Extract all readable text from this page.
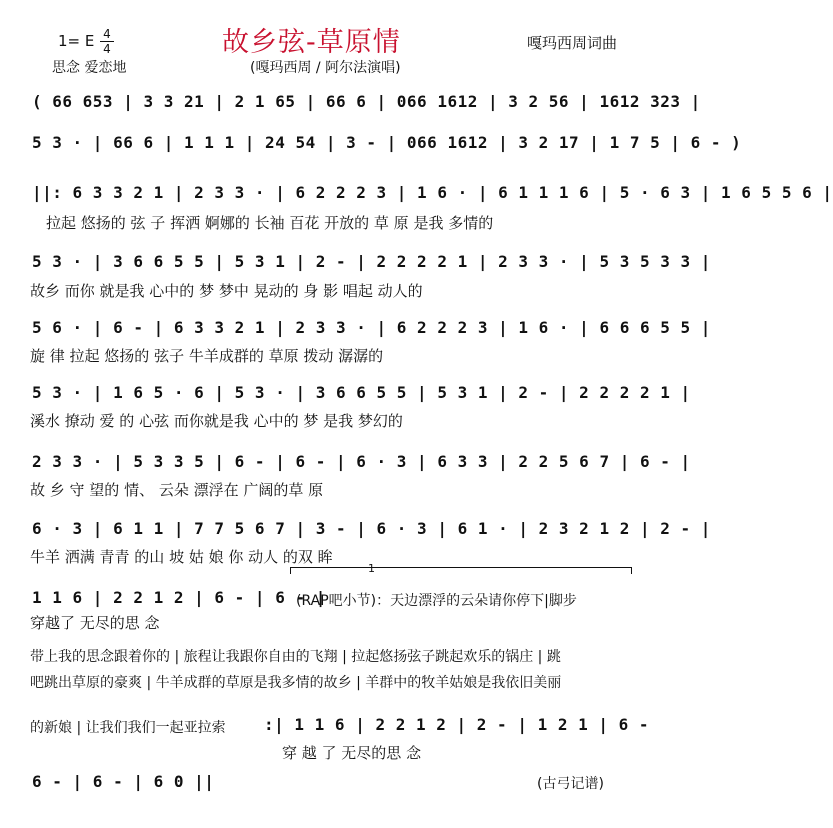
1= E 4
4	故乡弦-草原情	嘎玛西周词曲
思念 爱恋地	(嘎玛西周 / 阿尔法演唱)
( 66 653 | 3 3 21 | 2 1 65 | 66 6 | 066 1612 | 3 2 56 | 1612 323 |
5 3 · | 66 6 | 1 1 1 | 24 54 | 3 - | 066 1612 | 3 2 17 | 1 7 5 | 6 - )
||: 6 3 3 2 1 | 2 3 3 · | 6 2 2 2 3 | 1 6 · | 6 1 1 1 6 | 5 · 6 3 | 1 6 5 5 6 |
拉起 悠扬的 弦 子 挥洒 婀娜的 长袖 百花 开放的 草 原 是我 多情的
5 3 · | 3 6 6 5 5 | 5 3 1 | 2 - | 2 2 2 2 1 | 2 3 3 · | 5 3 5 3 3 |
故乡 而你 就是我 心中的 梦 梦中 晃动的 身 影 唱起 动人的
5 6 · | 6 - | 6 3 3 2 1 | 2 3 3 · | 6 2 2 2 3 | 1 6 · | 6 6 6 5 5 |
旋 律 拉起 悠扬的 弦子 牛羊成群的 草原 拨动 潺潺的
5 3 · | 1 6 5 · 6 | 5 3 · | 3 6 6 5 5 | 5 3 1 | 2 - | 2 2 2 2 1 |
溪水 撩动 爱 的 心弦 而你就是我 心中的 梦 是我 梦幻的
2 3 3 · | 5 3 3 5 | 6 - | 6 - | 6 · 3 | 6 3 3 | 2 2 5 6 7 | 6 - |
故 乡 守 望的 情、 云朵 漂浮在 广阔的草 原
6 · 3 | 6 1 1 | 7 7 5 6 7 | 3 - | 6 · 3 | 6 1 · | 2 3 2 1 2 | 2 - |
牛羊 洒满 青青 的山 坡 姑 娘 你 动人 的双 眸
1
1 1 6 | 2 2 1 2 | 6 - | 6 - |
(RAP吧小节)：天边漂浮的云朵请你停下|脚步
穿越了 无尽的思 念
带上我的思念跟着你的 | 旅程让我跟你自由的飞翔 | 拉起悠扬弦子跳起欢乐的锅庄 | 跳
吧跳出草原的豪爽 | 牛羊成群的草原是我多情的故乡 | 羊群中的牧羊姑娘是我依旧美丽
的新娘 | 让我们我们一起亚拉索 :| 1 1 6 | 2 2 1 2 | 2 - | 1 2 1 | 6 -
穿 越 了 无尽的思 念
6 - | 6 - | 6 0 ||	(古弓记谱)
